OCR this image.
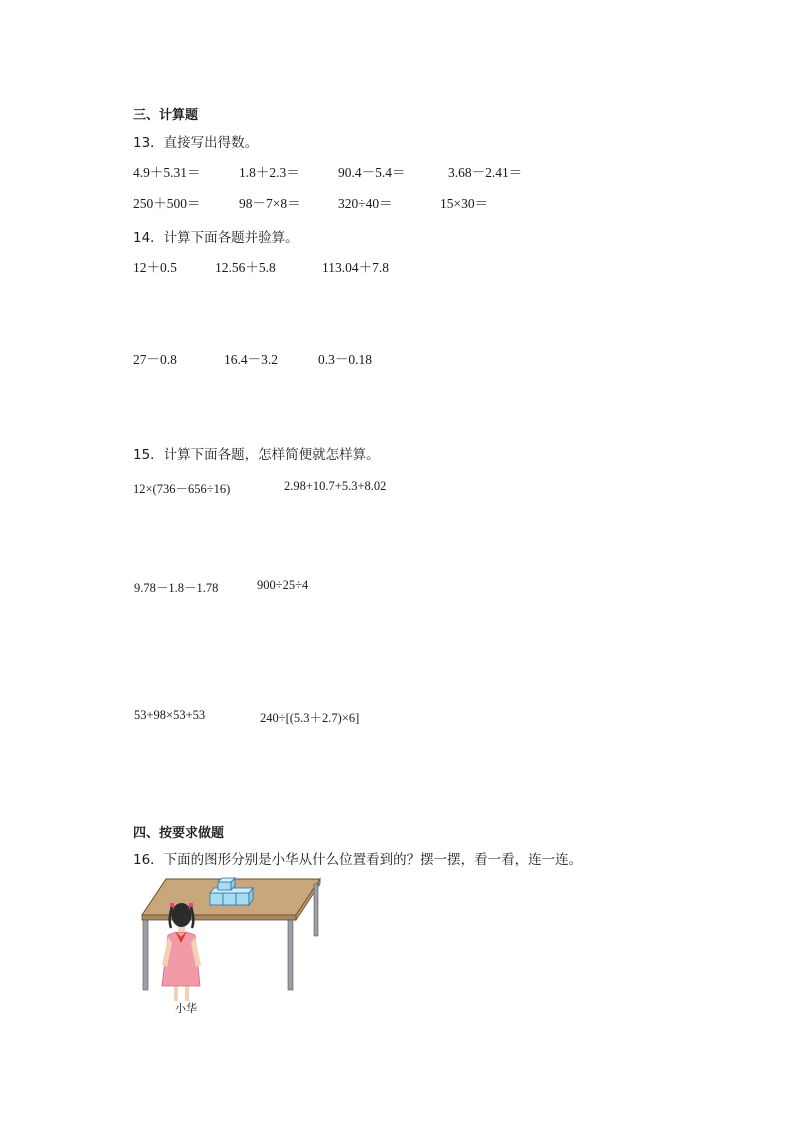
三、计算题
13．直接写出得数。
4.9＋5.31＝	1.8＋2.3＝	90.4－5.4＝	3.68－2.41＝
250＋500＝	98－7×8＝	320÷40＝	15×30＝
14．计算下面各题并验算。
12＋0.5	12.56＋5.8	113.04＋7.8
27－0.8	16.4－3.2	0.3－0.18
15．计算下面各题，怎样简便就怎样算。
12×(736－656÷16)	2.98+10.7+5.3+8.02
9.78－1.8－1.78	900÷25÷4
53+98×53+53	240÷[(5.3＋2.7)×6]
四、按要求做题
16．下面的图形分别是小华从什么位置看到的？摆一摆，看一看，连一连。
小华
